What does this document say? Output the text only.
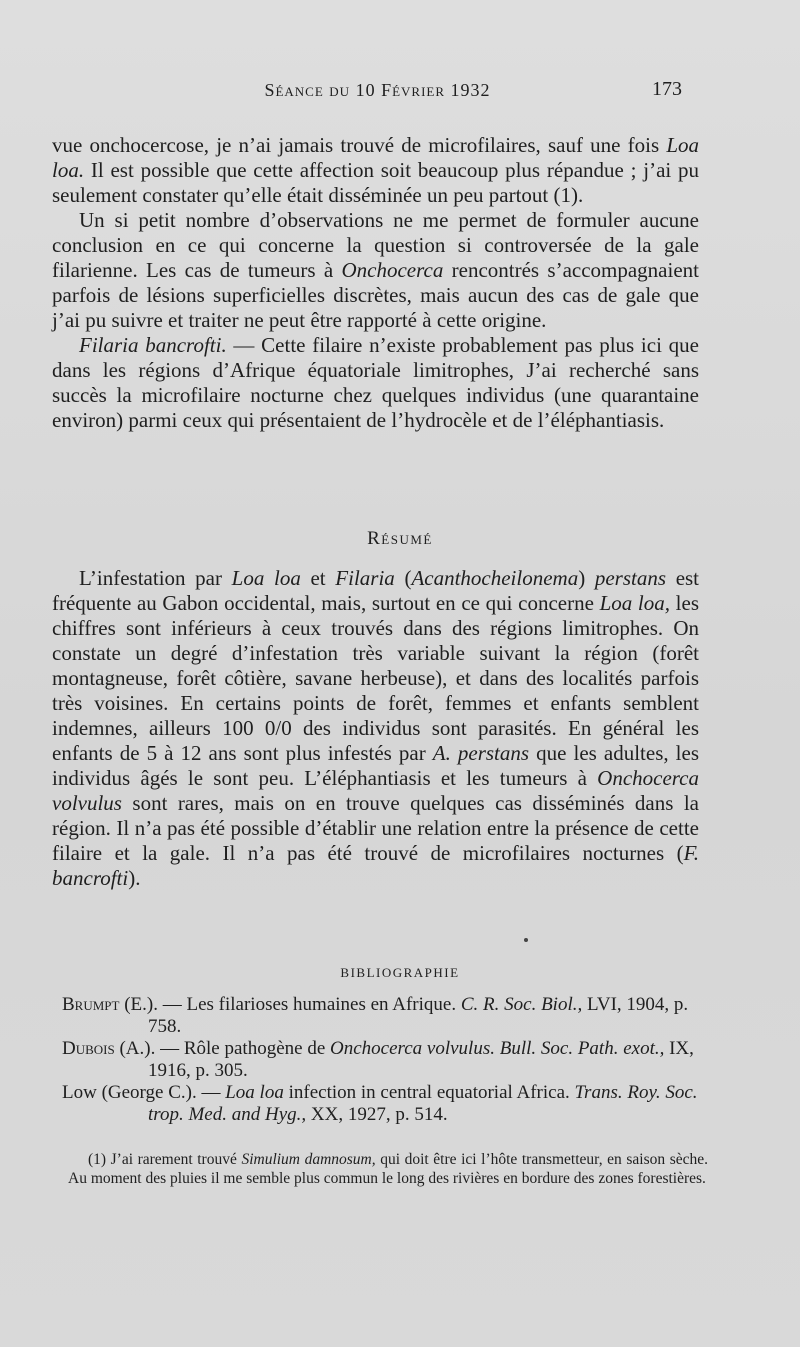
Séance du 10 Février 1932	173

vue onchocercose, je n’ai jamais trouvé de microfilaires, sauf une fois Loa loa. Il est possible que cette affection soit beaucoup plus répandue ; j’ai pu seulement constater qu’elle était disséminée un peu partout (1).

Un si petit nombre d’observations ne me permet de formuler aucune conclusion en ce qui concerne la question si controversée de la gale filarienne. Les cas de tumeurs à Onchocerca rencontrés s’accompagnaient parfois de lésions superficielles discrètes, mais aucun des cas de gale que j’ai pu suivre et traiter ne peut être rapporté à cette origine.

Filaria bancrofti. — Cette filaire n’existe probablement pas plus ici que dans les régions d’Afrique équatoriale limitrophes, J’ai recherché sans succès la microfilaire nocturne chez quelques individus (une quarantaine environ) parmi ceux qui présentaient de l’hydrocèle et de l’éléphantiasis.

Résumé

L’infestation par Loa loa et Filaria (Acanthocheilonema) perstans est fréquente au Gabon occidental, mais, surtout en ce qui concerne Loa loa, les chiffres sont inférieurs à ceux trouvés dans des régions limitrophes. On constate un degré d’infestation très variable suivant la région (forêt montagneuse, forêt côtière, savane herbeuse), et dans des localités parfois très voisines. En certains points de forêt, femmes et enfants semblent indemnes, ailleurs 100 0/0 des individus sont parasités. En général les enfants de 5 à 12 ans sont plus infestés par A. perstans que les adultes, les individus âgés le sont peu. L’éléphantiasis et les tumeurs à Onchocerca volvulus sont rares, mais on en trouve quelques cas disséminés dans la région. Il n’a pas été possible d’établir une relation entre la présence de cette filaire et la gale. Il n’a pas été trouvé de microfilaires nocturnes (F. bancrofti).

BIBLIOGRAPHIE

Brumpt (E.). — Les filarioses humaines en Afrique. C. R. Soc. Biol., LVI, 1904, p. 758.

Dubois (A.). — Rôle pathogène de Onchocerca volvulus. Bull. Soc. Path. exot., IX, 1916, p. 305.

Low (George C.). — Loa loa infection in central equatorial Africa. Trans. Roy. Soc. trop. Med. and Hyg., XX, 1927, p. 514.

(1) J’ai rarement trouvé Simulium damnosum, qui doit être ici l’hôte transmetteur, en saison sèche. Au moment des pluies il me semble plus commun le long des rivières en bordure des zones forestières.
